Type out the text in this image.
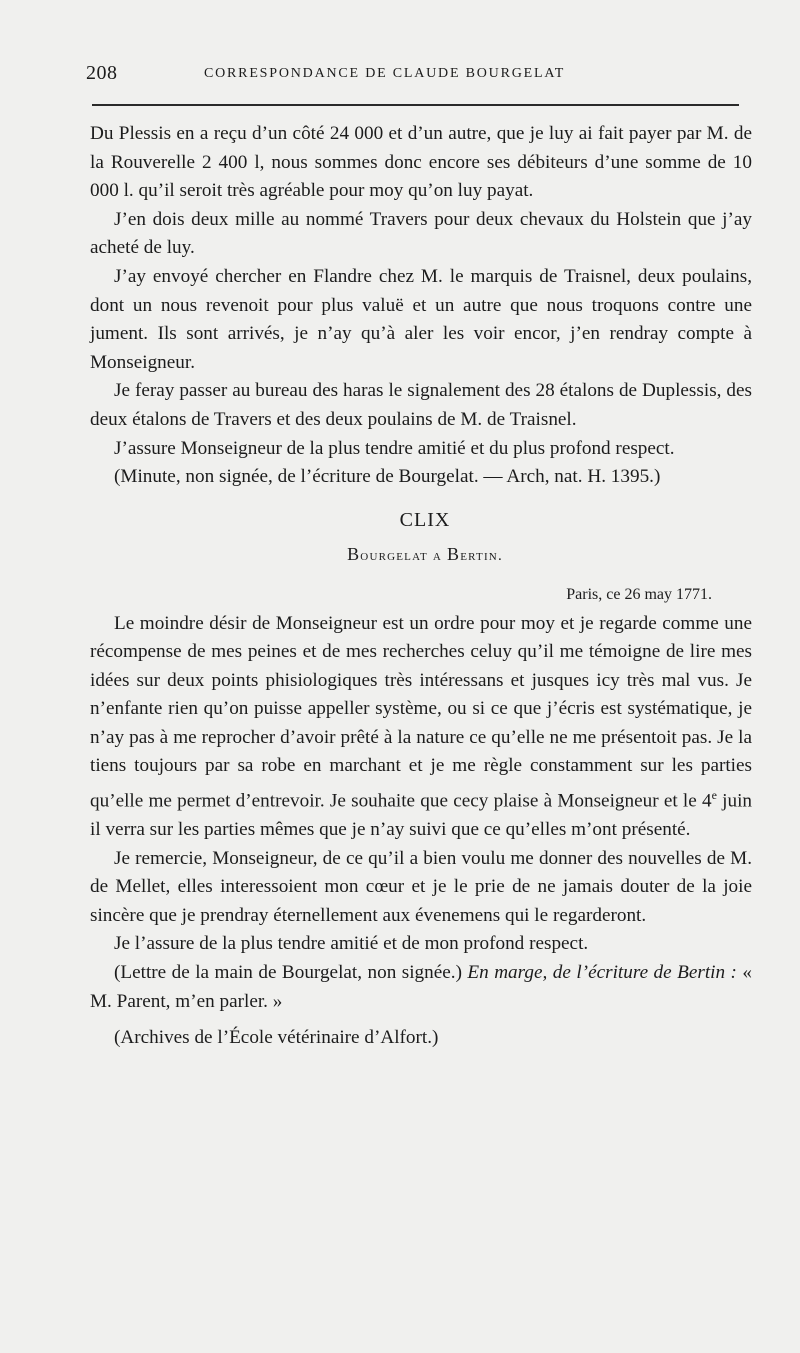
208	CORRESPONDANCE DE CLAUDE BOURGELAT

Du Plessis en a reçu d’un côté 24 000 et d’un autre, que je luy ai fait payer par M. de la Rouverelle 2 400 l, nous sommes donc encore ses débiteurs d’une somme de 10 000 l. qu’il seroit très agréable pour moy qu’on luy payat.

J’en dois deux mille au nommé Travers pour deux chevaux du Holstein que j’ay acheté de luy.

J’ay envoyé chercher en Flandre chez M. le marquis de Traisnel, deux poulains, dont un nous revenoit pour plus valuë et un autre que nous troquons contre une jument. Ils sont arrivés, je n’ay qu’à aler les voir encor, j’en rendray compte à Monseigneur.

Je feray passer au bureau des haras le signalement des 28 étalons de Duplessis, des deux étalons de Travers et des deux poulains de M. de Traisnel.

J’assure Monseigneur de la plus tendre amitié et du plus profond respect.

(Minute, non signée, de l’écriture de Bourgelat. — Arch, nat. H. 1395.)

CLIX

Bourgelat a Bertin.

Paris, ce 26 may 1771.

Le moindre désir de Monseigneur est un ordre pour moy et je regarde comme une récompense de mes peines et de mes recherches celuy qu’il me témoigne de lire mes idées sur deux points phisiologiques très intéressans et jusques icy très mal vus. Je n’enfante rien qu’on puisse appeller système, ou si ce que j’écris est systématique, je n’ay pas à me reprocher d’avoir prêté à la nature ce qu’elle ne me présentoit pas. Je la tiens toujours par sa robe en marchant et je me règle constamment sur les parties qu’elle me permet d’entrevoir. Je souhaite que cecy plaise à Monseigneur et le 4e juin il verra sur les parties mêmes que je n’ay suivi que ce qu’elles m’ont présenté.

Je remercie, Monseigneur, de ce qu’il a bien voulu me donner des nouvelles de M. de Mellet, elles interessoient mon cœur et je le prie de ne jamais douter de la joie sincère que je prendray éternellement aux évenemens qui le regarderont.

Je l’assure de la plus tendre amitié et de mon profond respect.

(Lettre de la main de Bourgelat, non signée.) En marge, de l’écriture de Bertin : « M. Parent, m’en parler. »

(Archives de l’École vétérinaire d’Alfort.)
